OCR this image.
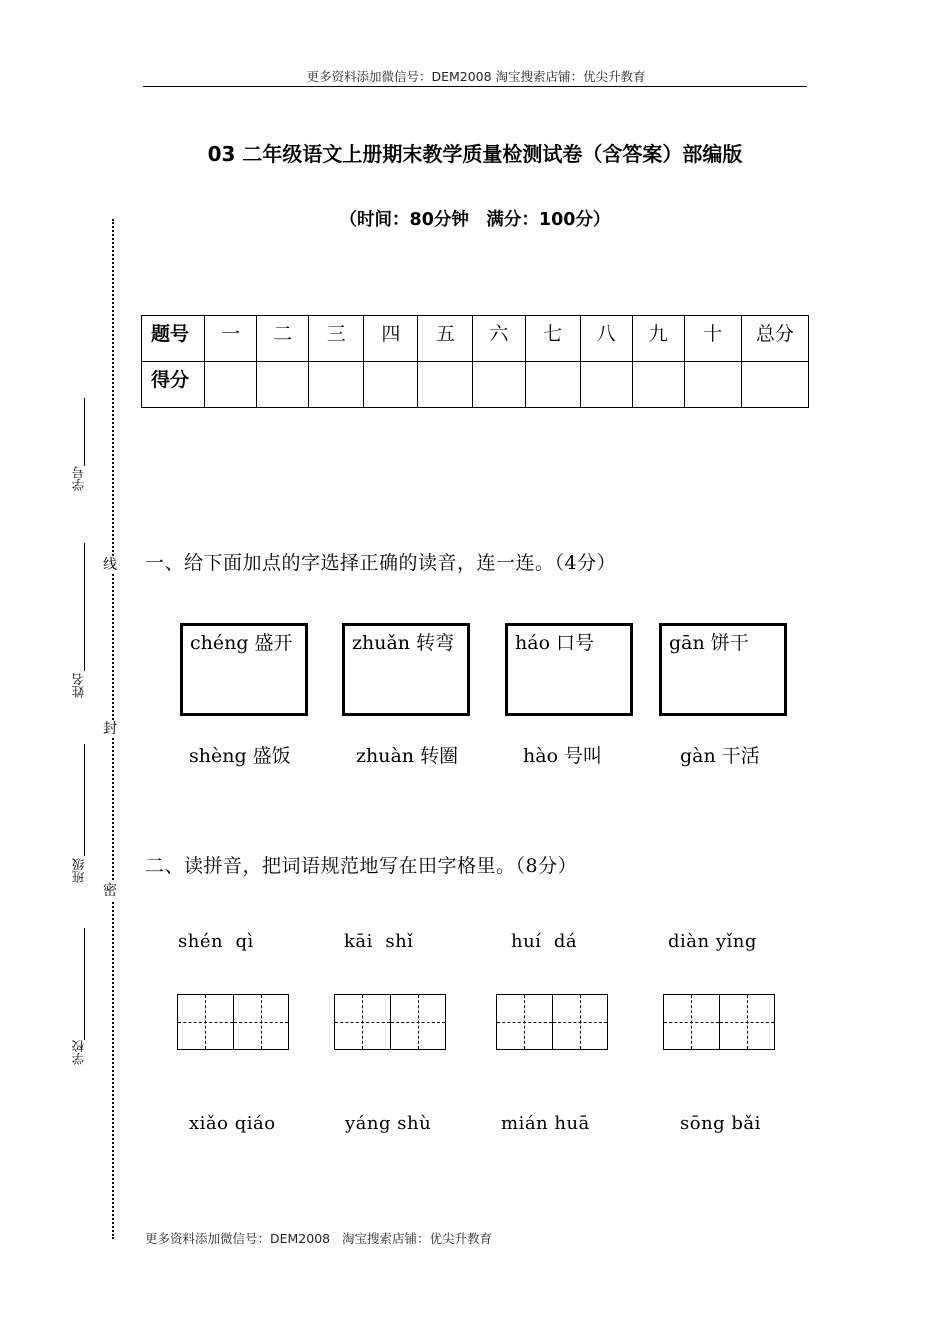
更多资料添加微信号：DEM2008 淘宝搜索店铺：优尖升教育
03 二年级语文上册期末教学质量检测试卷（含答案）部编版
（时间：80分钟　满分：100分）
题号	一	二	三	四	五	六	七	八	九	十	总分
得分											
一、给下面加点的字选择正确的读音，连一连。（4分）
chéng 盛开	zhuǎn 转弯	háo 口号	gān 饼干
shèng 盛饭	zhuàn 转圈	hào 号叫	gàn 干活
二、读拼音，把词语规范地写在田字格里。（8分）
shén  qì	kāi  shǐ	huí  dá	diàn yǐng
xiǎo qiáo	yáng shù	mián huā	sōng bǎi
线
封
密
学号
姓名
班级
学校
更多资料添加微信号：DEM2008   淘宝搜索店铺：优尖升教育
